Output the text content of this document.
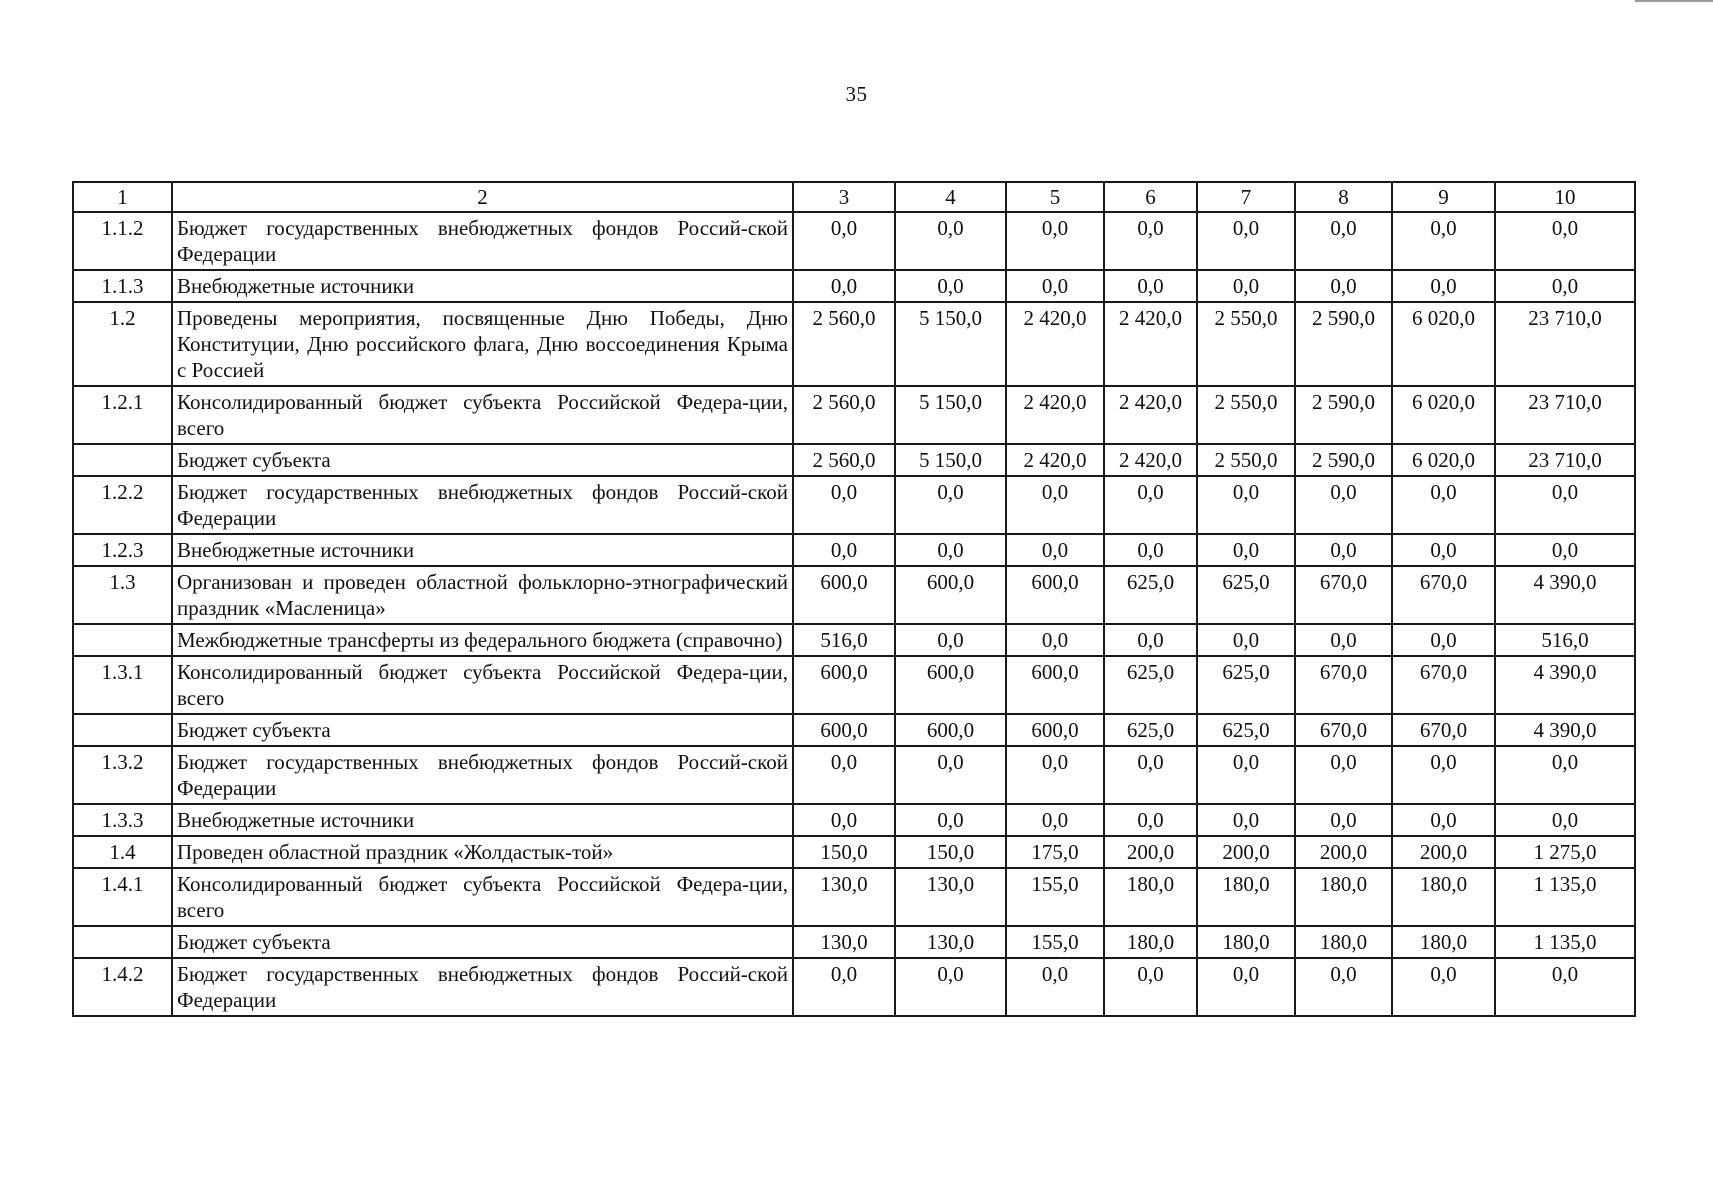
35
1	2	3	4	5	6	7	8	9	10
1.1.2	Бюджет государственных внебюджетных фондов Россий-ской Федерации	0,0	0,0	0,0	0,0	0,0	0,0	0,0	0,0
1.1.3	Внебюджетные источники	0,0	0,0	0,0	0,0	0,0	0,0	0,0	0,0
1.2	Проведены мероприятия, посвященные Дню Победы, Дню Конституции, Дню российского флага, Дню воссоединения Крыма с Россией	2 560,0	5 150,0	2 420,0	2 420,0	2 550,0	2 590,0	6 020,0	23 710,0
1.2.1	Консолидированный бюджет субъекта Российской Федера-ции, всего	2 560,0	5 150,0	2 420,0	2 420,0	2 550,0	2 590,0	6 020,0	23 710,0
	Бюджет субъекта	2 560,0	5 150,0	2 420,0	2 420,0	2 550,0	2 590,0	6 020,0	23 710,0
1.2.2	Бюджет государственных внебюджетных фондов Россий-ской Федерации	0,0	0,0	0,0	0,0	0,0	0,0	0,0	0,0
1.2.3	Внебюджетные источники	0,0	0,0	0,0	0,0	0,0	0,0	0,0	0,0
1.3	Организован и проведен областной фольклорно-этнографический праздник «Масленица»	600,0	600,0	600,0	625,0	625,0	670,0	670,0	4 390,0
	Межбюджетные трансферты из федерального бюджета (справочно)	516,0	0,0	0,0	0,0	0,0	0,0	0,0	516,0
1.3.1	Консолидированный бюджет субъекта Российской Федера-ции, всего	600,0	600,0	600,0	625,0	625,0	670,0	670,0	4 390,0
	Бюджет субъекта	600,0	600,0	600,0	625,0	625,0	670,0	670,0	4 390,0
1.3.2	Бюджет государственных внебюджетных фондов Россий-ской Федерации	0,0	0,0	0,0	0,0	0,0	0,0	0,0	0,0
1.3.3	Внебюджетные источники	0,0	0,0	0,0	0,0	0,0	0,0	0,0	0,0
1.4	Проведен областной праздник «Жолдастык-той»	150,0	150,0	175,0	200,0	200,0	200,0	200,0	1 275,0
1.4.1	Консолидированный бюджет субъекта Российской Федера-ции, всего	130,0	130,0	155,0	180,0	180,0	180,0	180,0	1 135,0
	Бюджет субъекта	130,0	130,0	155,0	180,0	180,0	180,0	180,0	1 135,0
1.4.2	Бюджет государственных внебюджетных фондов Россий-ской Федерации	0,0	0,0	0,0	0,0	0,0	0,0	0,0	0,0
